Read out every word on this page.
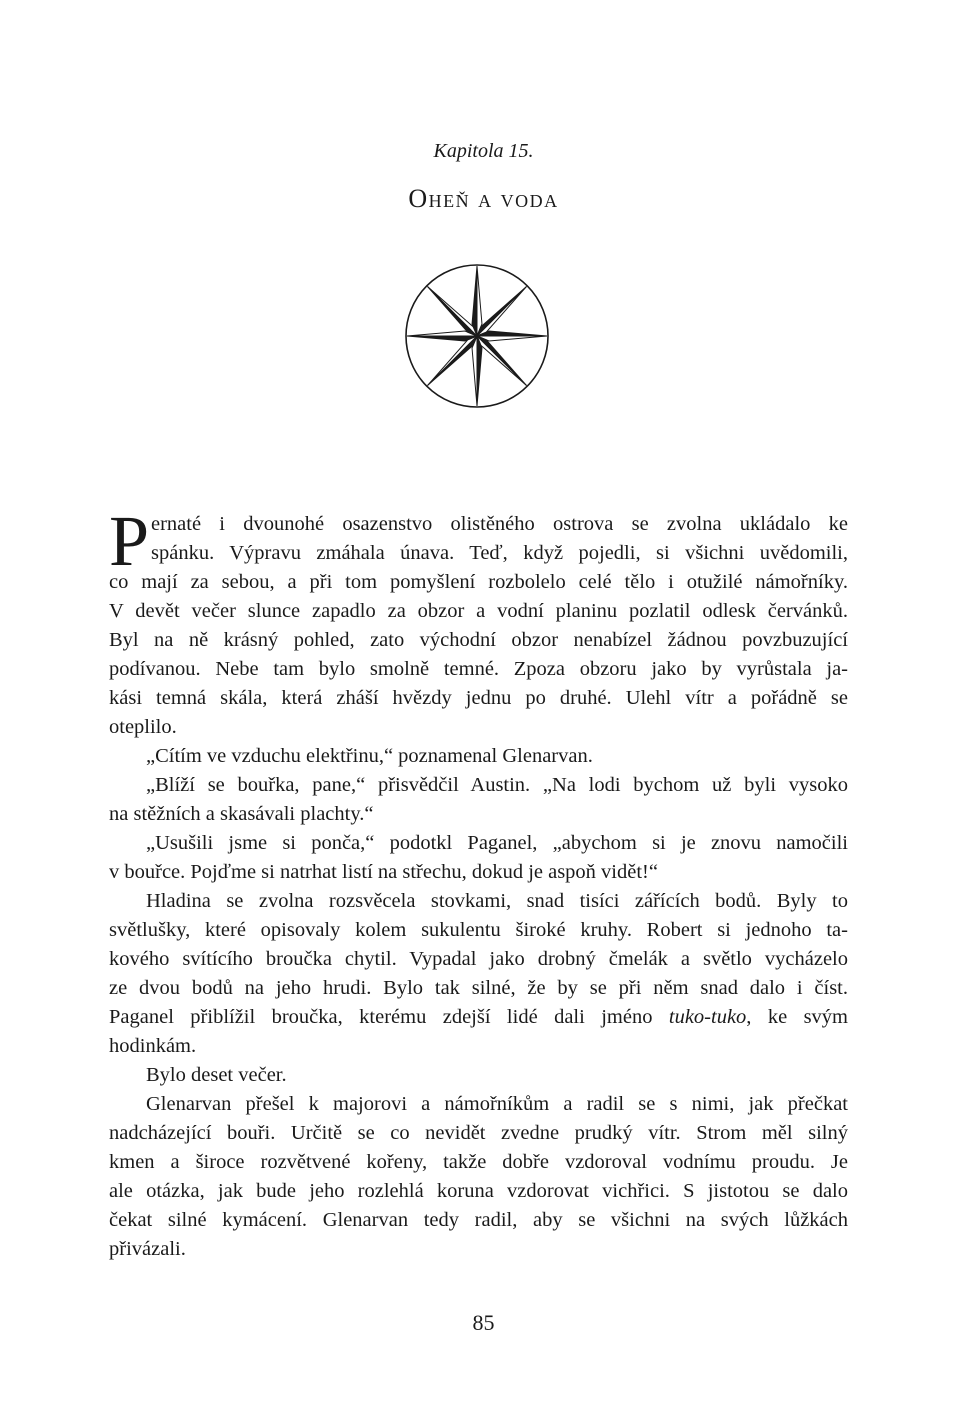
Kapitola 15.
Oheň a voda
P ernaté i dvounohé osazenstvo olistěného ostrova se zvolna ukládalo ke
spánku. Výpravu zmáhala únava. Teď, když pojedli, si všichni uvědomili,
co mají za sebou, a při tom pomyšlení rozbolelo celé tělo i otužilé námořníky.
V devět večer slunce zapadlo za obzor a vodní planinu pozlatil odlesk červánků.
Byl na ně krásný pohled, zato východní obzor nenabízel žádnou povzbuzující
podívanou. Nebe tam bylo smolně temné. Zpoza obzoru jako by vyrůstala ja-
kási temná skála, která zháší hvězdy jednu po druhé. Ulehl vítr a pořádně se
oteplilo.
„Cítím ve vzduchu elektřinu,“ poznamenal Glenarvan.
„Blíží se bouřka, pane,“ přisvědčil Austin. „Na lodi bychom už byli vysoko
na stěžních a skasávali plachty.“
„Usušili jsme si ponča,“ podotkl Paganel, „abychom si je znovu namočili
v bouřce. Pojďme si natrhat listí na střechu, dokud je aspoň vidět!“
Hladina se zvolna rozsvěcela stovkami, snad tisíci zářících bodů. Byly to
světlušky, které opisovaly kolem sukulentu široké kruhy. Robert si jednoho ta-
kového svítícího broučka chytil. Vypadal jako drobný čmelák a světlo vycházelo
ze dvou bodů na jeho hrudi. Bylo tak silné, že by se při něm snad dalo i číst.
Paganel přiblížil broučka, kterému zdejší lidé dali jméno tuko-tuko, ke svým
hodinkám.
Bylo deset večer.
Glenarvan přešel k majorovi a námořníkům a radil se s nimi, jak přečkat
nadcházející bouři. Určitě se co nevidět zvedne prudký vítr. Strom měl silný
kmen a široce rozvětvené kořeny, takže dobře vzdoroval vodnímu proudu. Je
ale otázka, jak bude jeho rozlehlá koruna vzdorovat vichřici. S jistotou se dalo
čekat silné kymácení. Glenarvan tedy radil, aby se všichni na svých lůžkách
přivázali.
85
